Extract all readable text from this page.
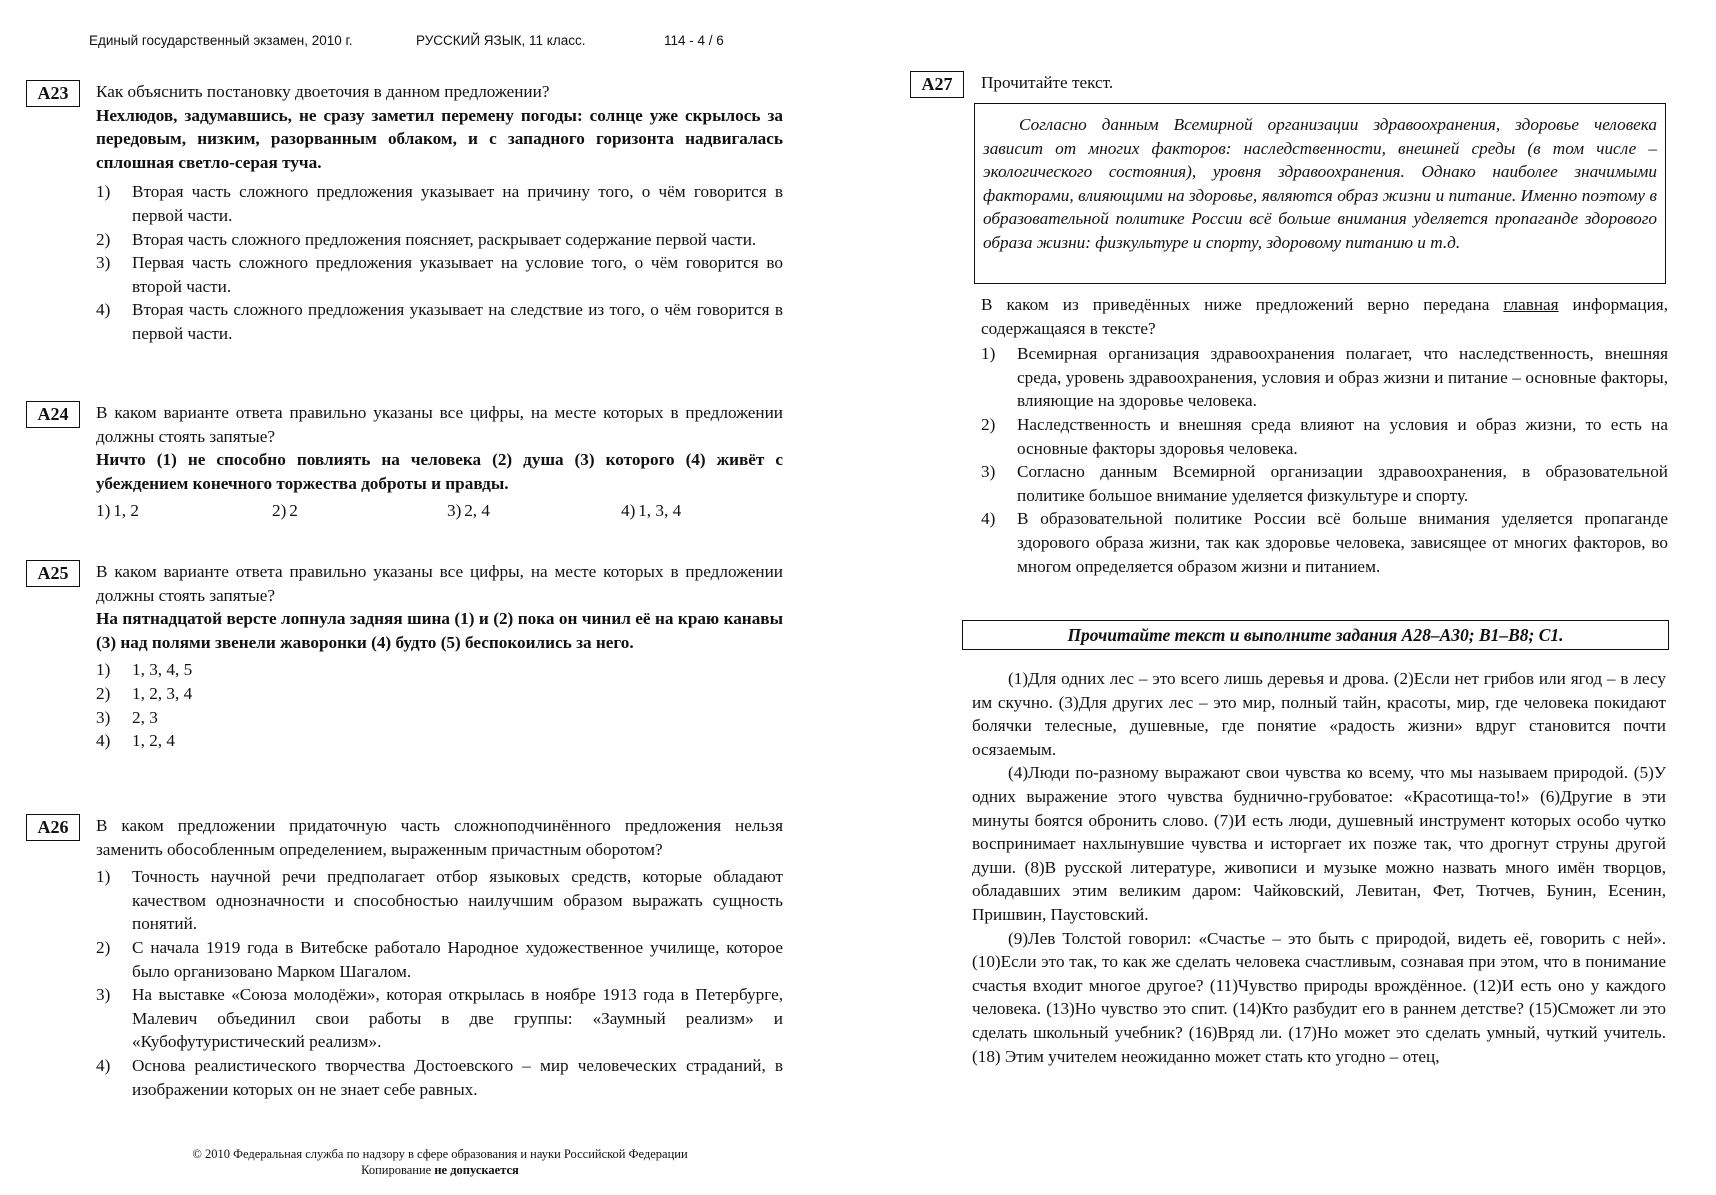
Единый государственный экзамен, 2010 г.	РУССКИЙ ЯЗЫК, 11 класс.	114 - 4 / 6
А23	Как объяснить постановку двоеточия в данном предложении?
Нехлюдов, задумавшись, не сразу заметил перемену погоды: солнце уже скрылось за передовым, низким, разорванным облаком, и с западного горизонта надвигалась сплошная светло-серая туча.
1)	Вторая часть сложного предложения указывает на причину того, о чём говорится в первой части.
2)	Вторая часть сложного предложения поясняет, раскрывает содержание первой части.
3)	Первая часть сложного предложения указывает на условие того, о чём говорится во второй части.
4)	Вторая часть сложного предложения указывает на следствие из того, о чём говорится в первой части.
А24	В каком варианте ответа правильно указаны все цифры, на месте которых в предложении должны стоять запятые?
Ничто (1) не способно повлиять на человека (2) душа (3) которого (4) живёт с убеждением конечного торжества доброты и правды.
1)
1, 2	2)
2	3)
2, 4	4)
1, 3, 4
А25	В каком варианте ответа правильно указаны все цифры, на месте которых в предложении должны стоять запятые?
На пятнадцатой версте лопнула задняя шина (1) и (2) пока он чинил её на краю канавы (3) над полями звенели жаворонки (4) будто (5) беспокоились за него.
1)	1, 3, 4, 5
2)	1, 2, 3, 4
3)	2, 3
4)	1, 2, 4
А26	В каком предложении придаточную часть сложноподчинённого предложения нельзя заменить обособленным определением, выраженным причастным оборотом?
1)	Точность научной речи предполагает отбор языковых средств, которые обладают качеством однозначности и способностью наилучшим образом выражать сущность понятий.
2)	С начала 1919 года в Витебске работало Народное художественное училище, которое было организовано Марком Шагалом.
3)	На выставке «Союза молодёжи», которая открылась в ноябре 1913 года в Петербурге, Малевич объединил свои работы в две группы: «Заумный реализм» и «Кубофутуристический реализм».
4)	Основа реалистического творчества Достоевского – мир человеческих страданий, в изображении которых он не знает себе равных.
© 2010 Федеральная служба по надзору в сфере образования и науки Российской Федерации
Копирование не допускается
А27	Прочитайте текст.
Согласно данным Всемирной организации здравоохранения, здоровье человека зависит от многих факторов: наследственности, внешней среды (в том числе – экологического состояния), уровня здравоохранения. Однако наиболее значимыми факторами, влияющими на здоровье, являются образ жизни и питание. Именно поэтому в образовательной политике России всё больше внимания уделяется пропаганде здорового образа жизни: физкультуре и спорту, здоровому питанию и т.д.
В каком из приведённых ниже предложений верно передана главная информация, содержащаяся в тексте?
1)	Всемирная организация здравоохранения полагает, что наследственность, внешняя среда, уровень здравоохранения, условия и образ жизни и питание – основные факторы, влияющие на здоровье человека.
2)	Наследственность и внешняя среда влияют на условия и образ жизни, то есть на основные факторы здоровья человека.
3)	Согласно данным Всемирной организации здравоохранения, в образовательной политике большое внимание уделяется физкультуре и спорту.
4)	В образовательной политике России всё больше внимания уделяется пропаганде здорового образа жизни, так как здоровье человека, зависящее от многих факторов, во многом определяется образом жизни и питанием.
Прочитайте текст и выполните задания А28–А30; В1–В8; С1.

(1)Для одних лес – это всего лишь деревья и дрова. (2)Если нет грибов или ягод – в лесу им скучно. (3)Для других лес – это мир, полный тайн, красоты, мир, где человека покидают болячки телесные, душевные, где понятие «радость жизни» вдруг становится почти осязаемым.

(4)Люди по-разному выражают свои чувства ко всему, что мы называем природой. (5)У одних выражение этого чувства буднично-грубоватое: «Красотища-то!» (6)Другие в эти минуты боятся обронить слово. (7)И есть люди, душевный инструмент которых особо чутко воспринимает нахлынувшие чувства и исторгает их позже так, что дрогнут струны другой души. (8)В русской литературе, живописи и музыке можно назвать много имён творцов, обладавших этим великим даром: Чайковский, Левитан, Фет, Тютчев, Бунин, Есенин, Пришвин, Паустовский.

(9)Лев Толстой говорил: «Счастье – это быть с природой, видеть её, говорить с ней». (10)Если это так, то как же сделать человека счастливым, сознавая при этом, что в понимание счастья входит многое другое? (11)Чувство природы врождённое. (12)И есть оно у каждого человека. (13)Но чувство это спит. (14)Кто разбудит его в раннем детстве? (15)Сможет ли это сделать школьный учебник? (16)Вряд ли. (17)Но может это сделать умный, чуткий учитель. (18) Этим учителем неожиданно может стать кто угодно – отец,
